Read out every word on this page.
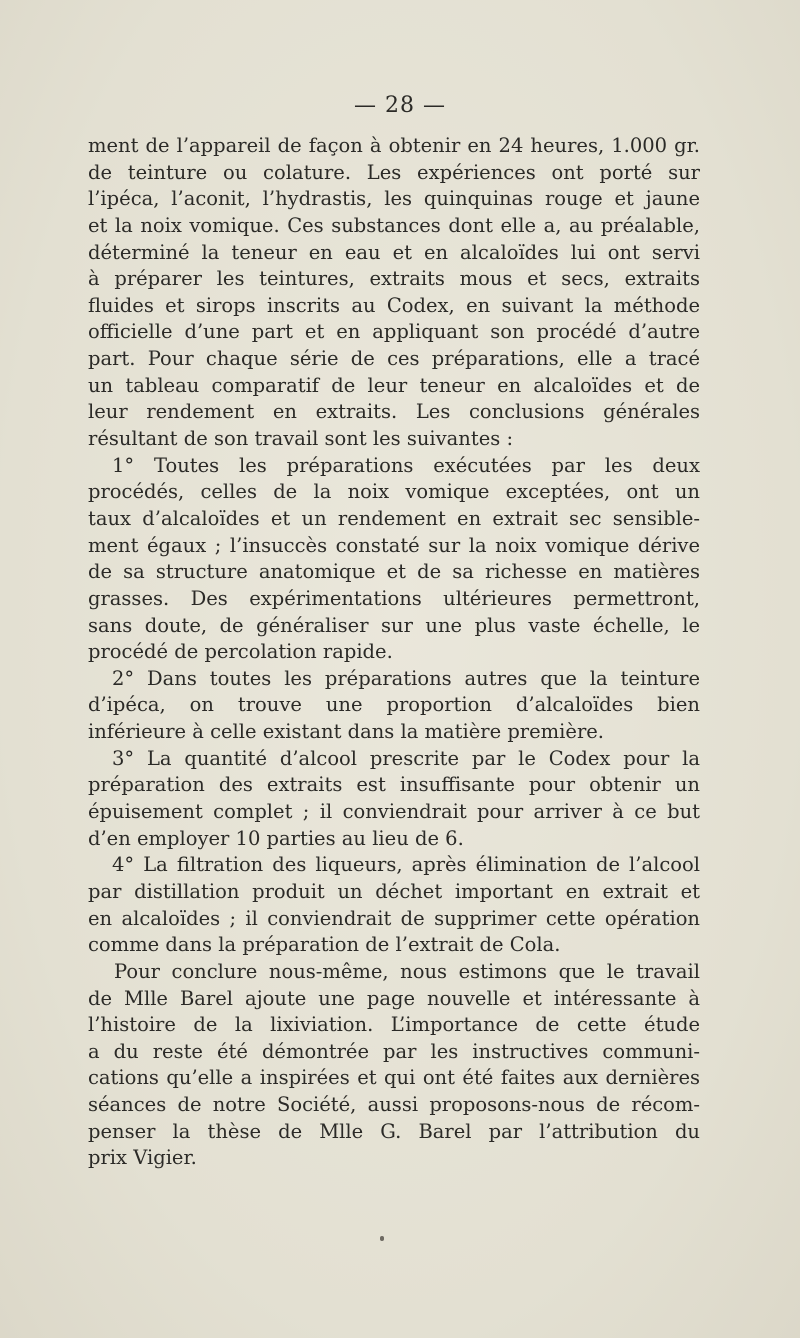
— 28 —
ment de l’appareil de façon à obtenir en 24 heures, 1.000 gr.
de teinture ou colature. Les expériences ont porté sur
l’ipéca, l’aconit, l’hydrastis, les quinquinas rouge et jaune
et la noix vomique. Ces substances dont elle a, au préalable,
déterminé la teneur en eau et en alcaloïdes lui ont servi
à préparer les teintures, extraits mous et secs, extraits
fluides et sirops inscrits au Codex, en suivant la méthode
officielle d’une part et en appliquant son procédé d’autre
part. Pour chaque série de ces préparations, elle a tracé
un tableau comparatif de leur teneur en alcaloïdes et de
leur rendement en extraits. Les conclusions générales
résultant de son travail sont les suivantes :
1° Toutes les préparations exécutées par les deux
procédés, celles de la noix vomique exceptées, ont un
taux d’alcaloïdes et un rendement en extrait sec sensible-
ment égaux ; l’insuccès constaté sur la noix vomique dérive
de sa structure anatomique et de sa richesse en matières
grasses. Des expérimentations ultérieures permettront,
sans doute, de généraliser sur une plus vaste échelle, le
procédé de percolation rapide.
2° Dans toutes les préparations autres que la teinture
d’ipéca, on trouve une proportion d’alcaloïdes bien
inférieure à celle existant dans la matière première.
3° La quantité d’alcool prescrite par le Codex pour la
préparation des extraits est insuffisante pour obtenir un
épuisement complet ; il conviendrait pour arriver à ce but
d’en employer 10 parties au lieu de 6.
4° La filtration des liqueurs, après élimination de l’alcool
par distillation produit un déchet important en extrait et
en alcaloïdes ; il conviendrait de supprimer cette opération
comme dans la préparation de l’extrait de Cola.
Pour conclure nous-même, nous estimons que le travail
de Mlle Barel ajoute une page nouvelle et intéressante à
l’histoire de la lixiviation. L’importance de cette étude
a du reste été démontrée par les instructives communi-
cations qu’elle a inspirées et qui ont été faites aux dernières
séances de notre Société, aussi proposons-nous de récom-
penser la thèse de Mlle G. Barel par l’attribution du
prix Vigier.
